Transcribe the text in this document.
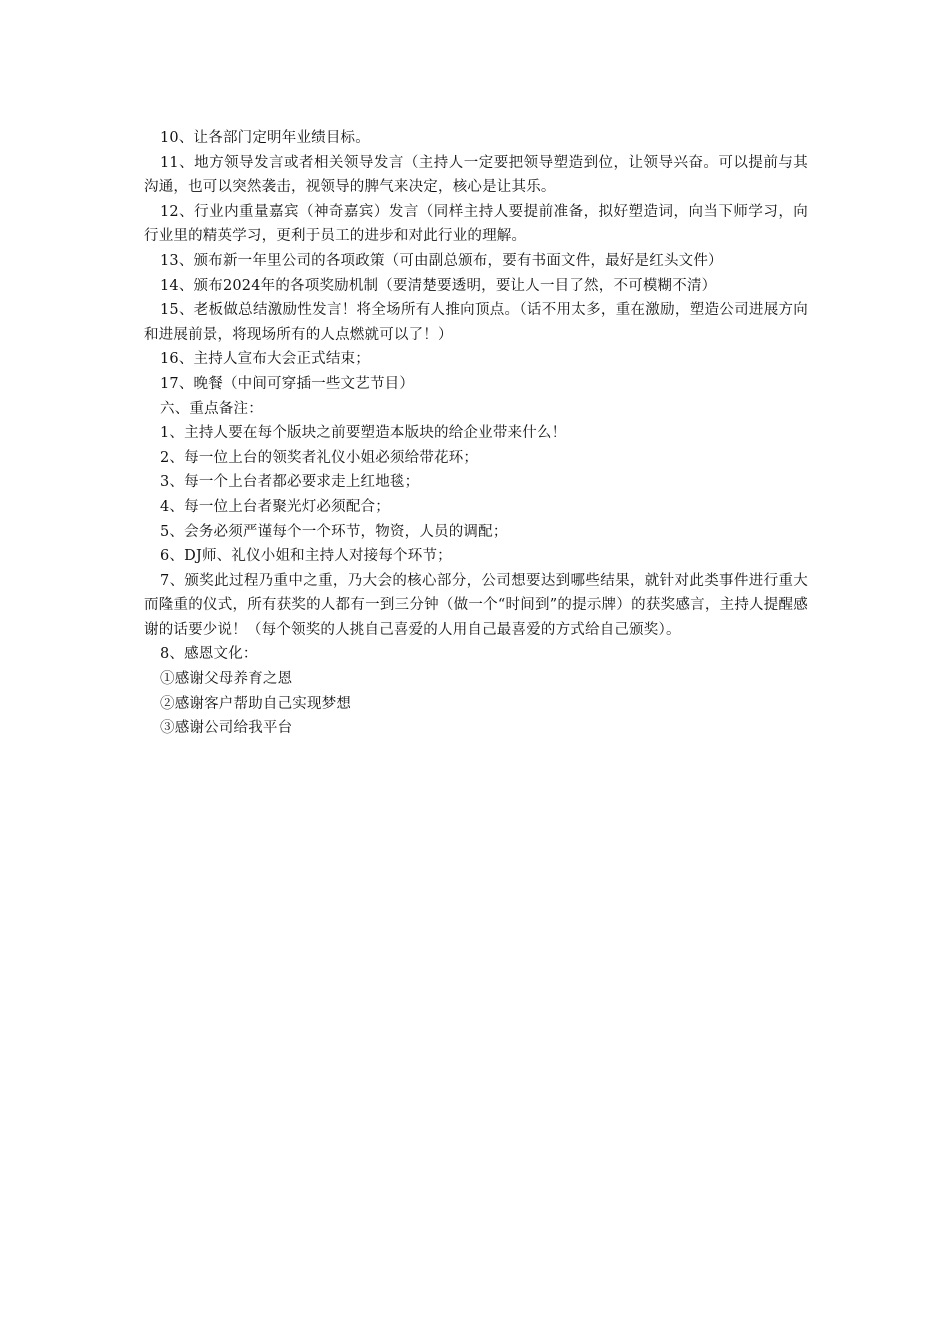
10、让各部门定明年业绩目标。

11、地方领导发言或者相关领导发言（主持人一定要把领导塑造到位，让领导兴奋。可以提前与其沟通，也可以突然袭击，视领导的脾气来决定，核心是让其乐。

12、行业内重量嘉宾（神奇嘉宾）发言（同样主持人要提前准备，拟好塑造词，向当下师学习，向行业里的精英学习，更利于员工的进步和对此行业的理解。

13、颁布新一年里公司的各项政策（可由副总颁布，要有书面文件，最好是红头文件）

14、颁布2024年的各项奖励机制（要清楚要透明，要让人一目了然，不可模糊不清）

15、老板做总结激励性发言！将全场所有人推向顶点。（话不用太多，重在激励，塑造公司进展方向和进展前景，将现场所有的人点燃就可以了！）

16、主持人宣布大会正式结束；

17、晚餐（中间可穿插一些文艺节目）

六、重点备注：

1、主持人要在每个版块之前要塑造本版块的给企业带来什么！

2、每一位上台的领奖者礼仪小姐必须给带花环；

3、每一个上台者都必要求走上红地毯；

4、每一位上台者聚光灯必须配合；

5、会务必须严谨每个一个环节，物资，人员的调配；

6、DJ师、礼仪小姐和主持人对接每个环节；

7、颁奖此过程乃重中之重，乃大会的核心部分，公司想要达到哪些结果，就针对此类事件进行重大而隆重的仪式，所有获奖的人都有一到三分钟（做一个“时间到”的提示牌）的获奖感言，主持人提醒感谢的话要少说！（每个领奖的人挑自己喜爱的人用自己最喜爱的方式给自己颁奖）。

8、感恩文化：

①感谢父母养育之恩

②感谢客户帮助自己实现梦想

③感谢公司给我平台
